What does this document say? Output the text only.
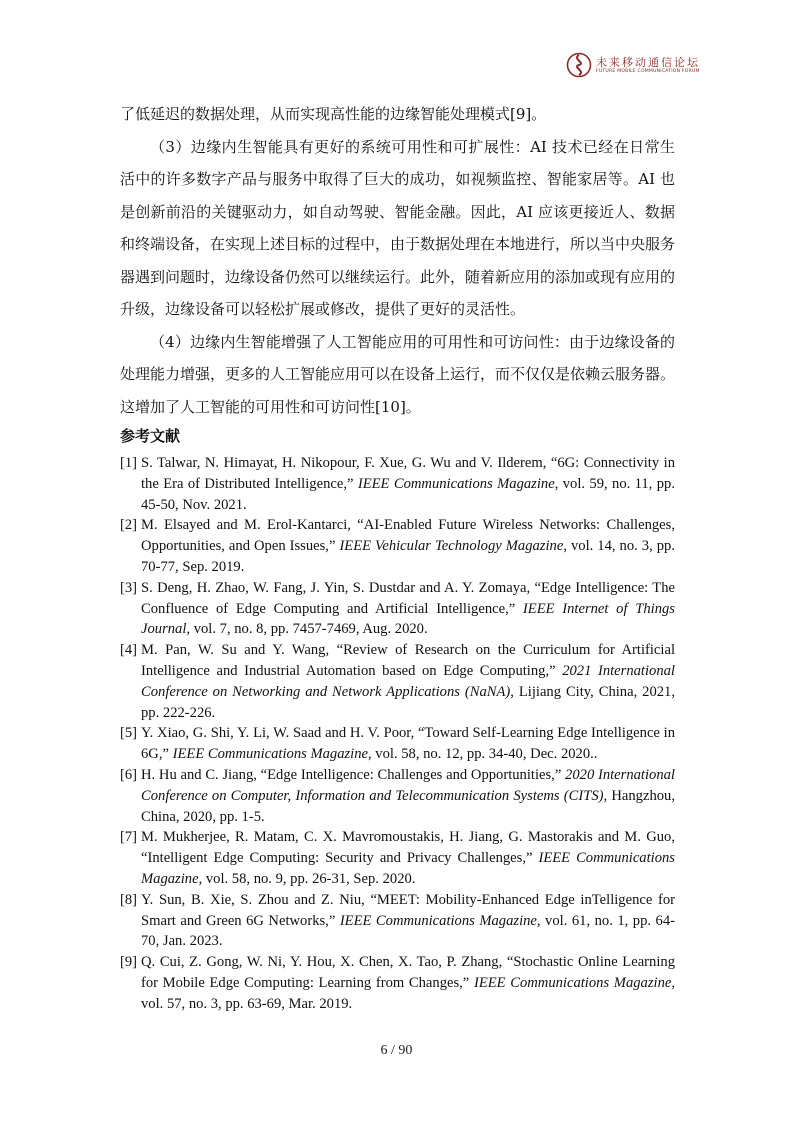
未来移动通信论坛
FUTURE MOBILE COMMUNICATION FORUM

了低延迟的数据处理，从而实现高性能的边缘智能处理模式[9]。

（3）边缘内生智能具有更好的系统可用性和可扩展性：AI 技术已经在日常生活中的许多数字产品与服务中取得了巨大的成功，如视频监控、智能家居等。AI 也是创新前沿的关键驱动力，如自动驾驶、智能金融。因此，AI 应该更接近人、数据和终端设备，在实现上述目标的过程中，由于数据处理在本地进行，所以当中央服务器遇到问题时，边缘设备仍然可以继续运行。此外，随着新应用的添加或现有应用的升级，边缘设备可以轻松扩展或修改，提供了更好的灵活性。

（4）边缘内生智能增强了人工智能应用的可用性和可访问性：由于边缘设备的处理能力增强，更多的人工智能应用可以在设备上运行，而不仅仅是依赖云服务器。这增加了人工智能的可用性和可访问性[10]。

参考文献
[1] S. Talwar, N. Himayat, H. Nikopour, F. Xue, G. Wu and V. Ilderem, “6G: Connectivity in the Era of Distributed Intelligence,” IEEE Communications Magazine, vol. 59, no. 11, pp. 45-50, Nov. 2021.
[2] M. Elsayed and M. Erol-Kantarci, “AI-Enabled Future Wireless Networks: Challenges, Opportunities, and Open Issues,” IEEE Vehicular Technology Magazine, vol. 14, no. 3, pp. 70-77, Sep. 2019.
[3] S. Deng, H. Zhao, W. Fang, J. Yin, S. Dustdar and A. Y. Zomaya, “Edge Intelligence: The Confluence of Edge Computing and Artificial Intelligence,” IEEE Internet of Things Journal, vol. 7, no. 8, pp. 7457-7469, Aug. 2020.
[4] M. Pan, W. Su and Y. Wang, “Review of Research on the Curriculum for Artificial Intelligence and Industrial Automation based on Edge Computing,” 2021 International Conference on Networking and Network Applications (NaNA), Lijiang City, China, 2021, pp. 222-226.
[5] Y. Xiao, G. Shi, Y. Li, W. Saad and H. V. Poor, “Toward Self-Learning Edge Intelligence in 6G,” IEEE Communications Magazine, vol. 58, no. 12, pp. 34-40, Dec. 2020..
[6] H. Hu and C. Jiang, “Edge Intelligence: Challenges and Opportunities,” 2020 International Conference on Computer, Information and Telecommunication Systems (CITS), Hangzhou, China, 2020, pp. 1-5.
[7] M. Mukherjee, R. Matam, C. X. Mavromoustakis, H. Jiang, G. Mastorakis and M. Guo, “Intelligent Edge Computing: Security and Privacy Challenges,” IEEE Communications Magazine, vol. 58, no. 9, pp. 26-31, Sep. 2020.
[8] Y. Sun, B. Xie, S. Zhou and Z. Niu, “MEET: Mobility-Enhanced Edge inTelligence for Smart and Green 6G Networks,” IEEE Communications Magazine, vol. 61, no. 1, pp. 64-70, Jan. 2023.
[9] Q. Cui, Z. Gong, W. Ni, Y. Hou, X. Chen, X. Tao, P. Zhang, “Stochastic Online Learning for Mobile Edge Computing: Learning from Changes,” IEEE Communications Magazine, vol. 57, no. 3, pp. 63-69, Mar. 2019.
6 / 90
